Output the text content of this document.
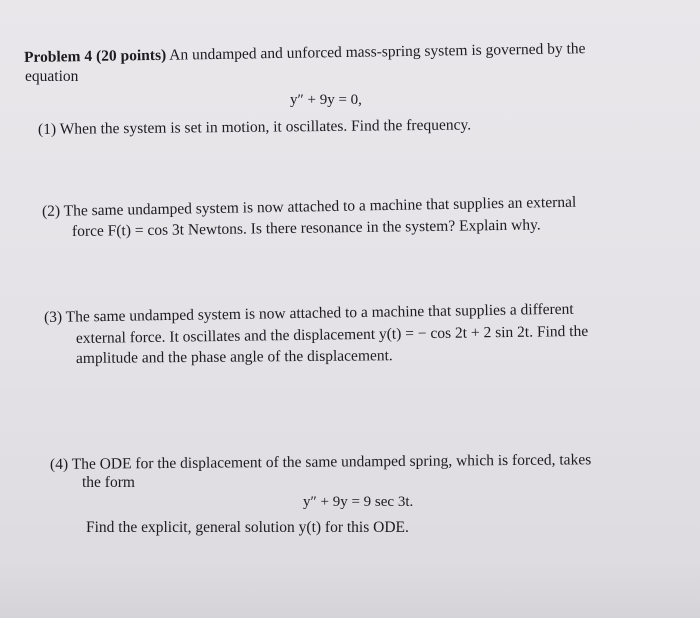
Problem 4 (20 points) An undamped and unforced mass-spring system is governed by the

equation

y″ + 9y = 0,

(1) When the system is set in motion, it oscillates. Find the frequency.

(2) The same undamped system is now attached to a machine that supplies an external

force F(t) = cos 3t Newtons. Is there resonance in the system? Explain why.

(3) The same undamped system is now attached to a machine that supplies a different

external force. It oscillates and the displacement y(t) = − cos 2t + 2 sin 2t. Find the

amplitude and the phase angle of the displacement.

(4) The ODE for the displacement of the same undamped spring, which is forced, takes

the form

y″ + 9y = 9 sec 3t.

Find the explicit, general solution y(t) for this ODE.
